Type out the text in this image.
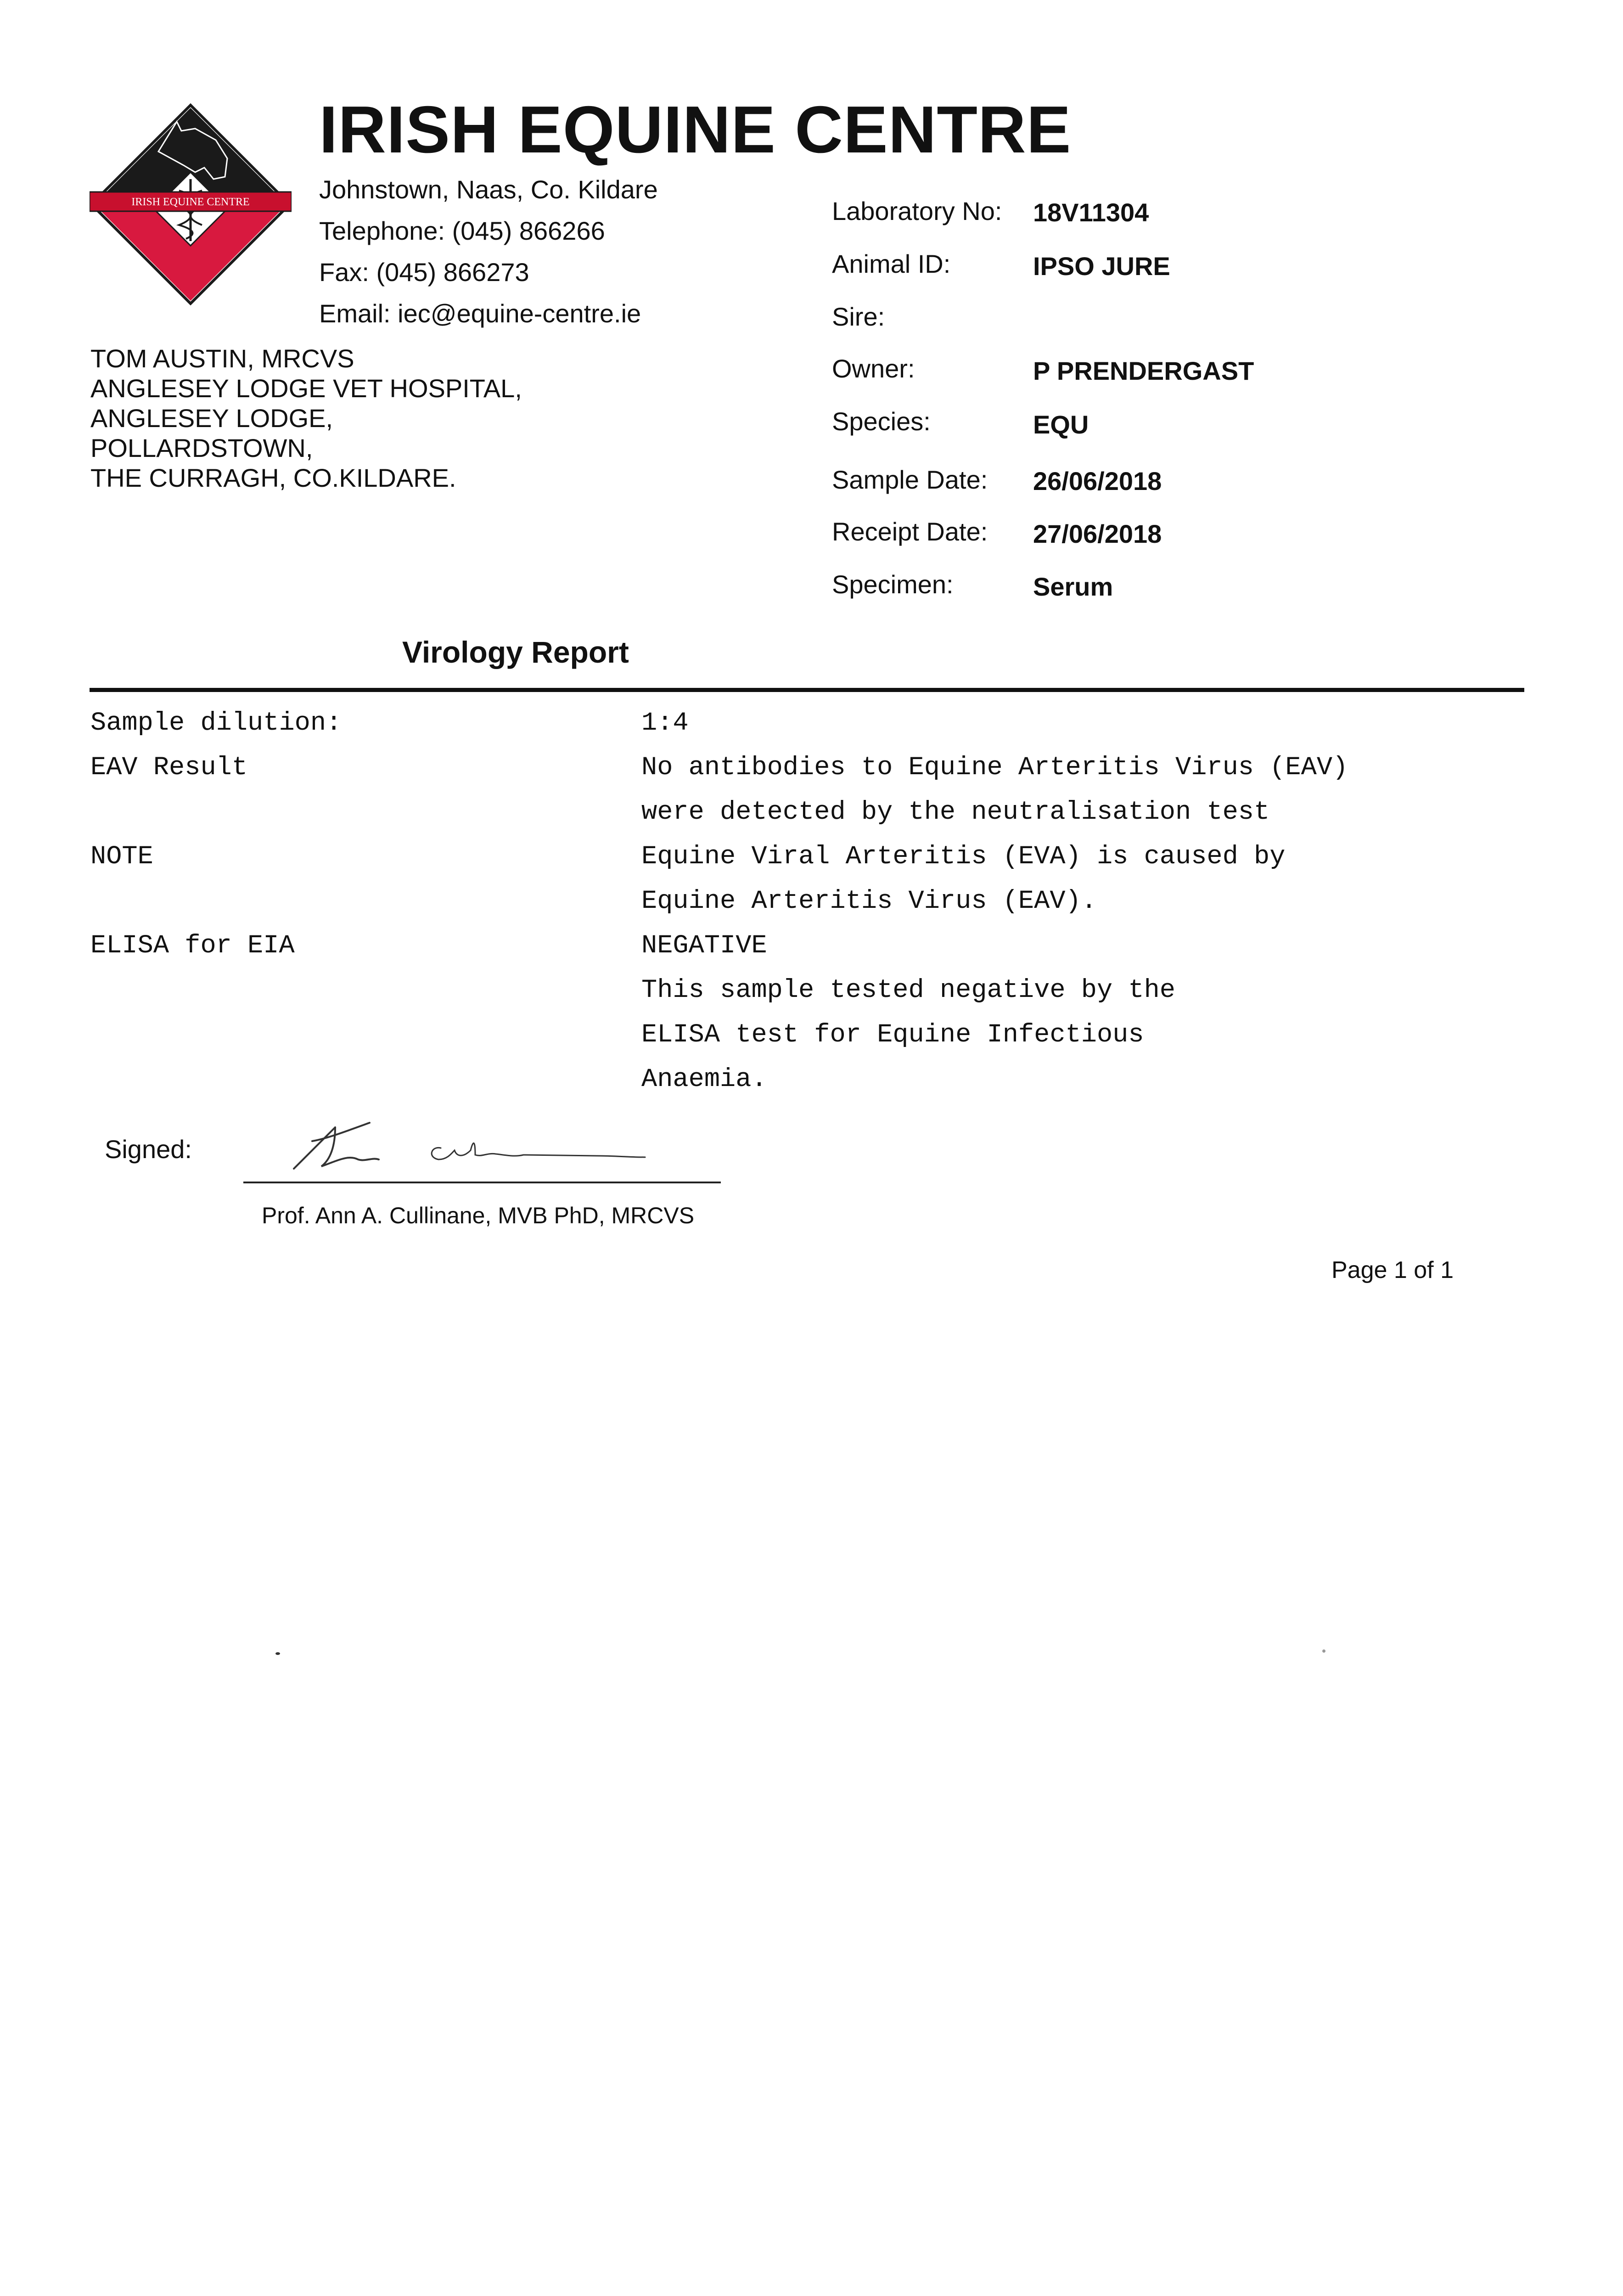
IRISH EQUINE CENTRE
IRISH EQUINE CENTRE
Johnstown, Naas, Co. Kildare
Telephone: (045) 866266
Fax: (045) 866273
Email: iec@equine-centre.ie
TOM AUSTIN, MRCVS
ANGLESEY LODGE VET HOSPITAL,
ANGLESEY LODGE,
POLLARDSTOWN,
THE CURRAGH, CO.KILDARE.
Laboratory No: 18V11304
Animal ID:	IPSO JURE
Sire:
Owner:	P PRENDERGAST
Species:	EQU
Sample Date: 26/06/2018
Receipt Date: 27/06/2018
Specimen:	Serum
Virology Report
Sample dilution:	1:4
EAV Result	No antibodies to Equine Arteritis Virus (EAV)
were detected by the neutralisation test
NOTE	Equine Viral Arteritis (EVA) is caused by
Equine Arteritis Virus (EAV).
ELISA for EIA	NEGATIVE
This sample tested negative by the
ELISA test for Equine Infectious
Anaemia.
Signed:
Prof. Ann A. Cullinane, MVB PhD, MRCVS
Page 1 of 1
